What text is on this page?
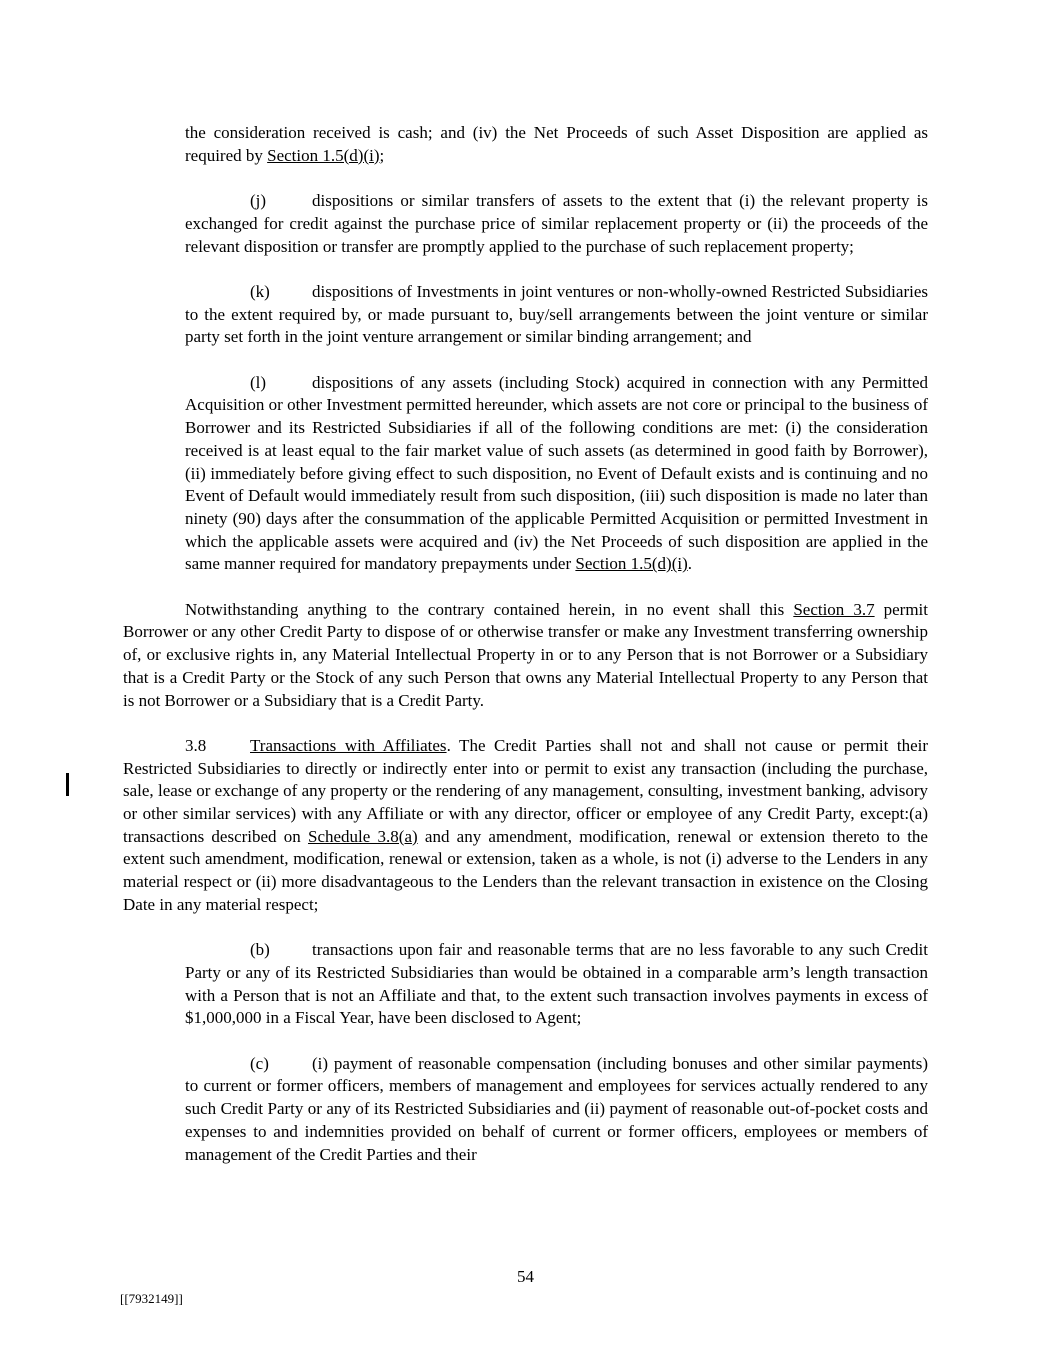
the consideration received is cash; and (iv) the Net Proceeds of such Asset Disposition are applied as required by Section 1.5(d)(i);

(j)	dispositions or similar transfers of assets to the extent that (i) the relevant property is exchanged for credit against the purchase price of similar replacement property or (ii) the proceeds of the relevant disposition or transfer are promptly applied to the purchase of such replacement property;

(k) dispositions of Investments in joint ventures or non-wholly-owned Restricted Subsidiaries to the extent required by, or made pursuant to, buy/sell arrangements between the joint venture or similar party set forth in the joint venture arrangement or similar binding arrangement; and

(l)	dispositions of any assets (including Stock) acquired in connection with any Permitted Acquisition or other Investment permitted hereunder, which assets are not core or principal to the business of Borrower and its Restricted Subsidiaries if all of the following conditions are met: (i) the consideration received is at least equal to the fair market value of such assets (as determined in good faith by Borrower), (ii) immediately before giving effect to such disposition, no Event of Default exists and is continuing and no Event of Default would immediately result from such disposition, (iii) such disposition is made no later than ninety (90) days after the consummation of the applicable Permitted Acquisition or permitted Investment in which the applicable assets were acquired and (iv) the Net Proceeds of such disposition are applied in the same manner required for mandatory prepayments under Section 1.5(d)(i).

Notwithstanding anything to the contrary contained herein, in no event shall this Section 3.7 permit Borrower or any other Credit Party to dispose of or otherwise transfer or make any Investment transferring ownership of, or exclusive rights in, any Material Intellectual Property in or to any Person that is not Borrower or a Subsidiary that is a Credit Party or the Stock of any such Person that owns any Material Intellectual Property to any Person that is not Borrower or a Subsidiary that is a Credit Party.

3.8	Transactions with Affiliates. The Credit Parties shall not and shall not cause or permit their Restricted Subsidiaries to directly or indirectly enter into or permit to exist any transaction (including the purchase, sale, lease or exchange of any property or the rendering of any management, consulting, investment banking, advisory or other similar services) with any Affiliate or with any director, officer or employee of any Credit Party, except:(a) transactions described on Schedule 3.8(a) and any amendment, modification, renewal or extension thereto to the extent such amendment, modification, renewal or extension, taken as a whole, is not (i) adverse to the Lenders in any material respect or (ii) more disadvantageous to the Lenders than the relevant transaction in existence on the Closing Date in any material respect;

(b) transactions upon fair and reasonable terms that are no less favorable to any such Credit Party or any of its Restricted Subsidiaries than would be obtained in a comparable arm’s length transaction with a Person that is not an Affiliate and that, to the extent such transaction involves payments in excess of $1,000,000 in a Fiscal Year, have been disclosed to Agent;

(c)	(i) payment of reasonable compensation (including bonuses and other similar payments) to current or former officers, members of management and employees for services actually rendered to any such Credit Party or any of its Restricted Subsidiaries and (ii) payment of reasonable out-of-pocket costs and expenses to and indemnities provided on behalf of current or former officers, employees or members of management of the Credit Parties and their

54
[[7932149]]
